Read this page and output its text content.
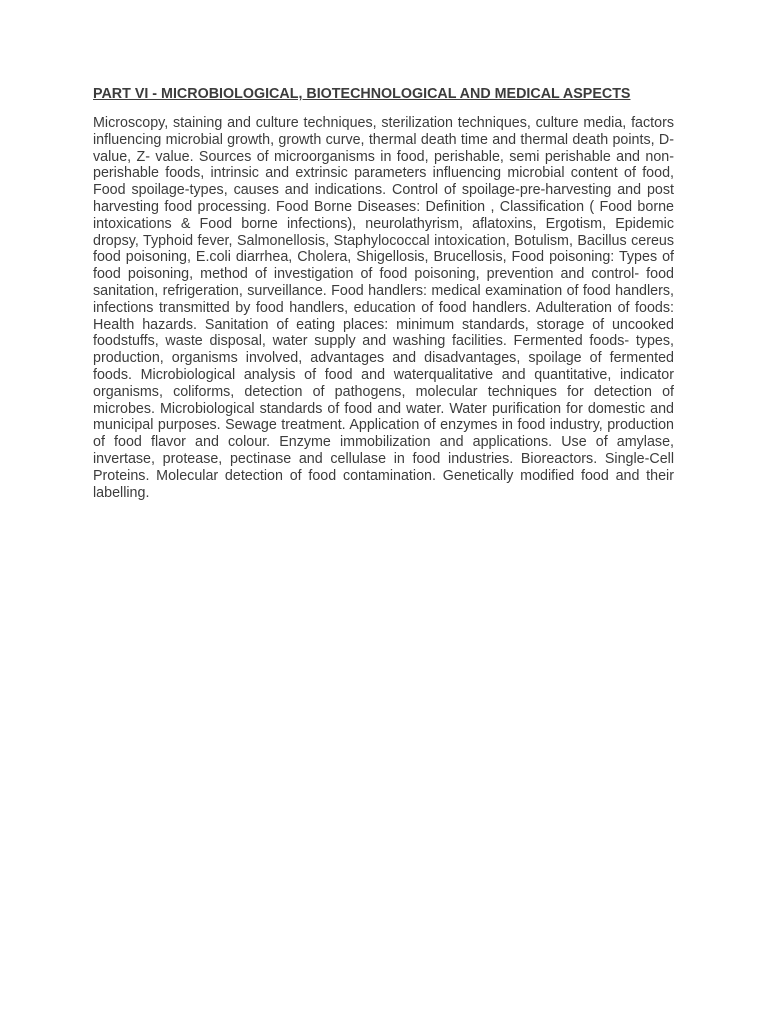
PART VI - MICROBIOLOGICAL, BIOTECHNOLOGICAL AND MEDICAL ASPECTS

Microscopy, staining and culture techniques, sterilization techniques, culture media, factors influencing microbial growth, growth curve, thermal death time and thermal death points, D-value, Z- value. Sources of microorganisms in food, perishable, semi perishable and non- perishable foods, intrinsic and extrinsic parameters influencing microbial content of food, Food spoilage-types, causes and indications. Control of spoilage-pre-harvesting and post harvesting food processing. Food Borne Diseases: Definition , Classification ( Food borne intoxications & Food borne infections), neurolathyrism, aflatoxins, Ergotism, Epidemic dropsy, Typhoid fever, Salmonellosis, Staphylococcal intoxication, Botulism, Bacillus cereus food poisoning, E.coli diarrhea, Cholera, Shigellosis, Brucellosis, Food poisoning: Types of food poisoning, method of investigation of food poisoning, prevention and control- food sanitation, refrigeration, surveillance. Food handlers: medical examination of food handlers, infections transmitted by food handlers, education of food handlers. Adulteration of foods: Health hazards. Sanitation of eating places: minimum standards, storage of uncooked foodstuffs, waste disposal, water supply and washing facilities. Fermented foods- types, production, organisms involved, advantages and disadvantages, spoilage of fermented foods. Microbiological analysis of food and waterqualitative and quantitative, indicator organisms, coliforms, detection of pathogens, molecular techniques for detection of microbes. Microbiological standards of food and water. Water purification for domestic and municipal purposes. Sewage treatment. Application of enzymes in food industry, production of food flavor and colour. Enzyme immobilization and applications. Use of amylase, invertase, protease, pectinase and cellulase in food industries. Bioreactors. Single-Cell Proteins. Molecular detection of food contamination. Genetically modified food and their labelling.
